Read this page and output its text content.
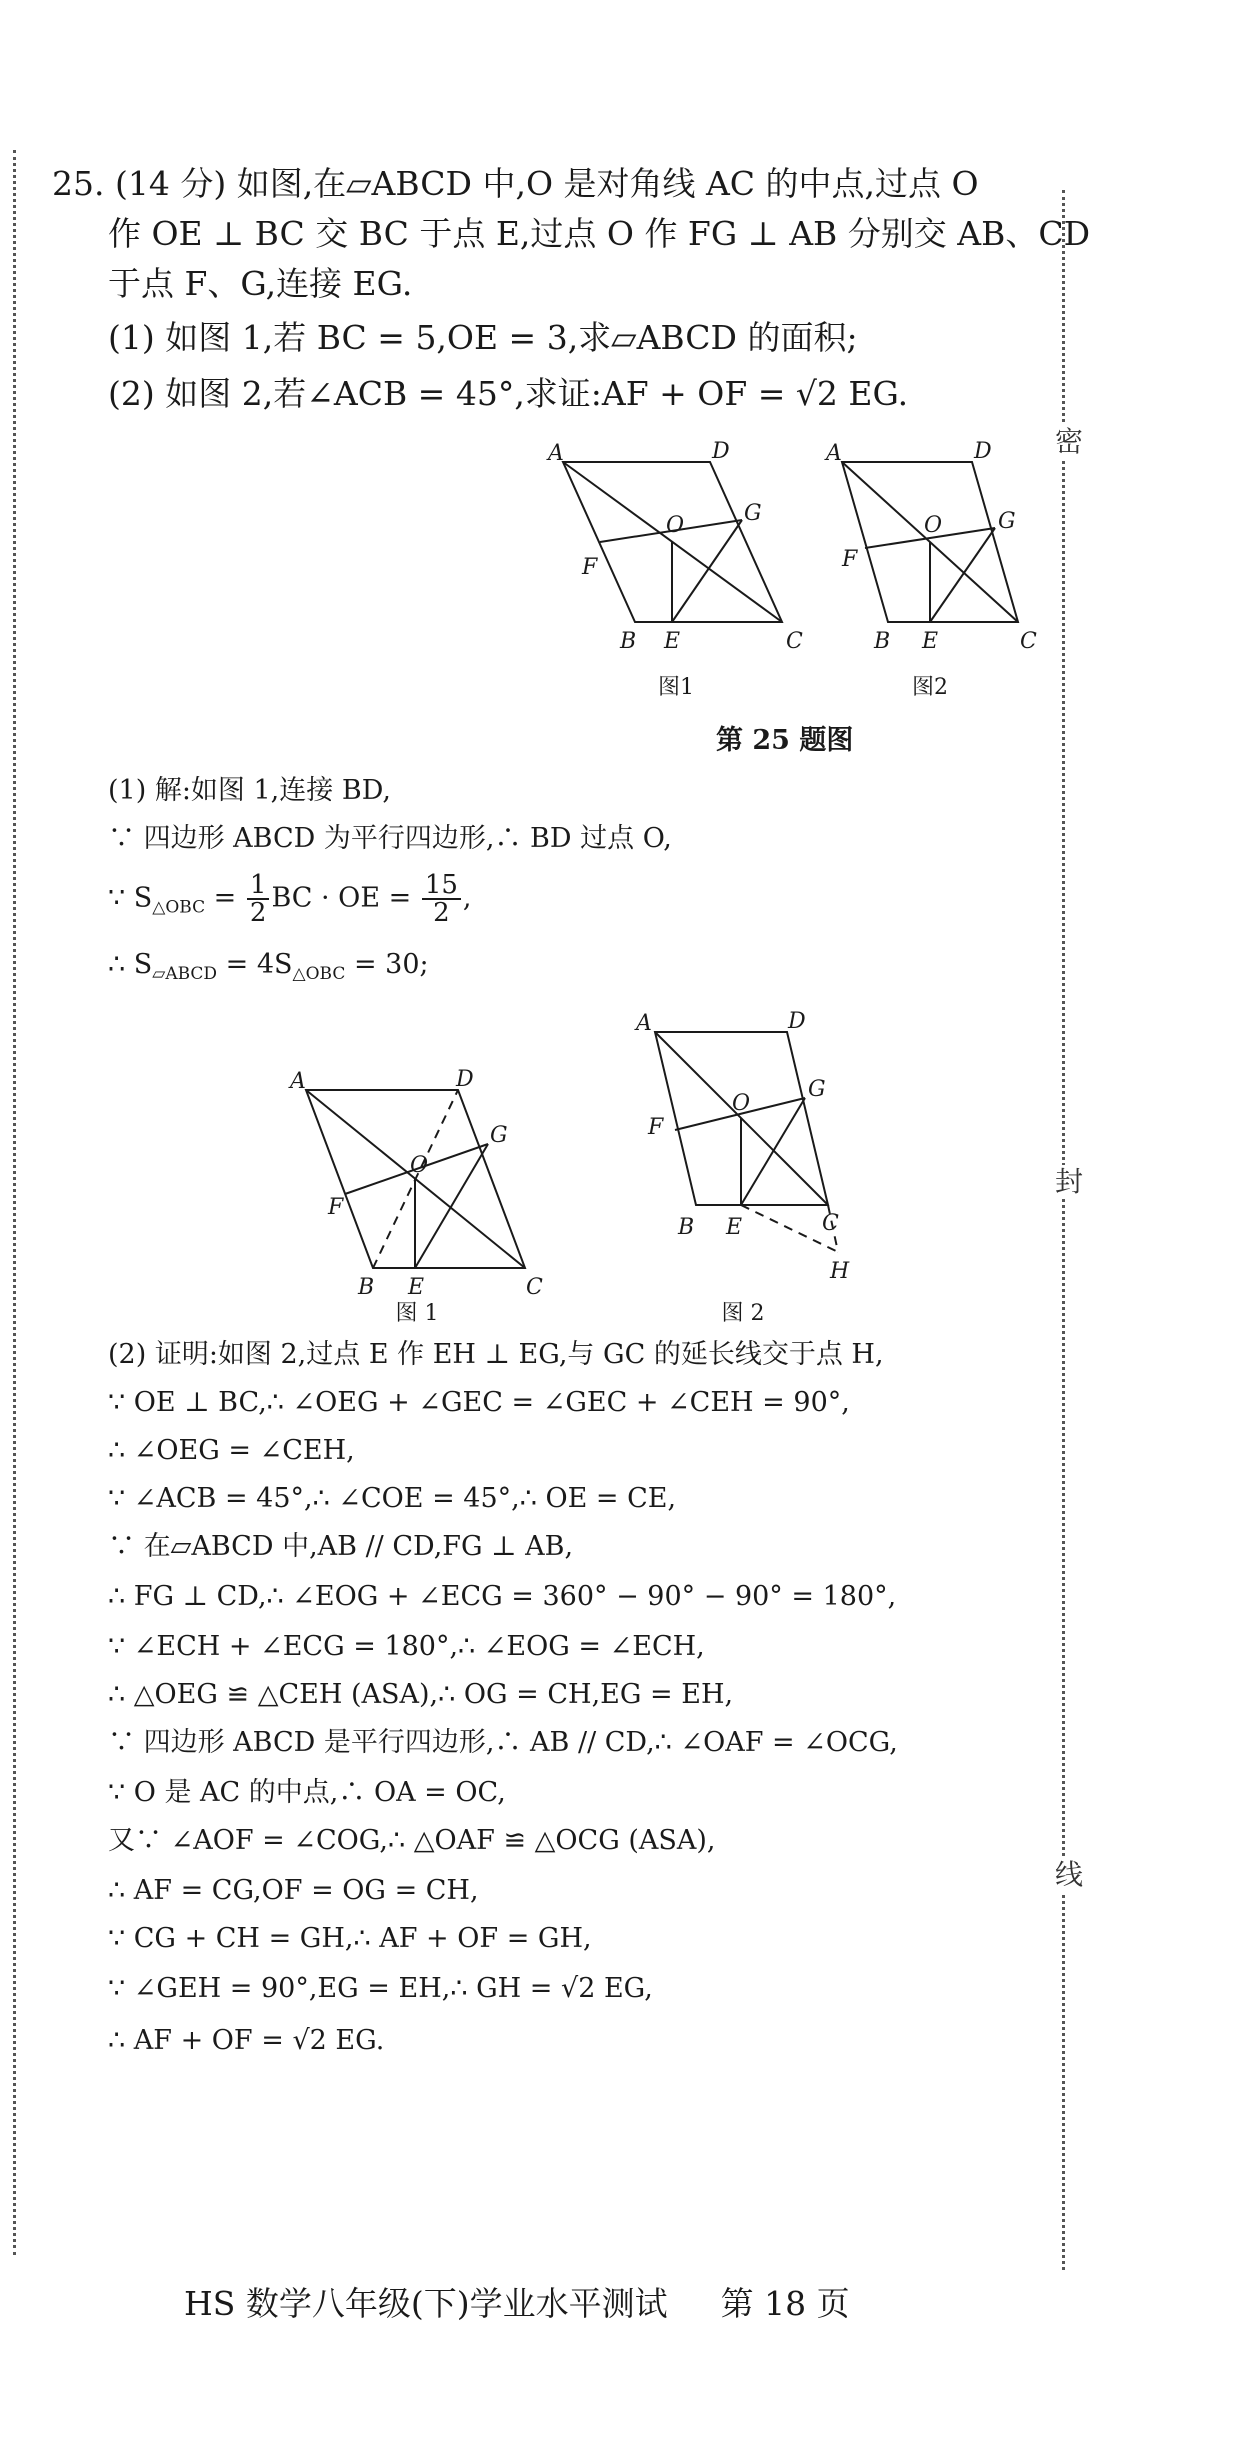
密
封
线
25. (14 分) 如图,在▱ABCD 中,O 是对角线 AC 的中点,过点 O
作 OE ⊥ BC 交 BC 于点 E,过点 O 作 FG ⊥ AB 分别交 AB、CD
于点 F、G,连接 EG.
(1) 如图 1,若 BC = 5,OE = 3,求▱ABCD 的面积;
(2) 如图 2,若∠ACB = 45°,求证:AF + OF = √2 EG.
A	D
O	G
F
B E	C
A	D
O	G
F
B E	C
图1	图2
第 25 题图
(1) 解:如图 1,连接 BD,
∵ 四边形 ABCD 为平行四边形,∴ BD 过点 O,
∵ $S_{\triangle OBC} = \frac{1}{2}$ BC · OE = $\frac{15}{2}$ ,
∴ $S_{▱ABCD} = 4S_{\triangle OBC} = 30$;
A	D
O
G
F
B E	C
A	D
O
G
F
B E	C
H
图 1	图 2
(2) 证明:如图 2,过点 E 作 EH ⊥ EG,与 GC 的延长线交于点 H,
∵ OE ⊥ BC,∴ ∠OEG + ∠GEC = ∠GEC + ∠CEH = 90°,
∴ ∠OEG = ∠CEH,
∵ ∠ACB = 45°,∴ ∠COE = 45°,∴ OE = CE,
∵ 在▱ABCD 中,AB // CD,FG ⊥ AB,
∴ FG ⊥ CD,∴ ∠EOG + ∠ECG = 360° − 90° − 90° = 180°,
∵ ∠ECH + ∠ECG = 180°,∴ ∠EOG = ∠ECH,
∴ △OEG ≌ △CEH (ASA),∴ OG = CH,EG = EH,
∵ 四边形 ABCD 是平行四边形,∴ AB // CD,∴ ∠OAF = ∠OCG,
∵ O 是 AC 的中点,∴ OA = OC,
又∵ ∠AOF = ∠COG,∴ △OAF ≌ △OCG (ASA),
∴ AF = CG,OF = OG = CH,
∵ CG + CH = GH,∴ AF + OF = GH,
∵ ∠GEH = 90°,EG = EH,∴ GH = √2 EG,
∴ AF + OF = √2 EG.
HS 数学八年级(下)学业水平测试 第 18 页
